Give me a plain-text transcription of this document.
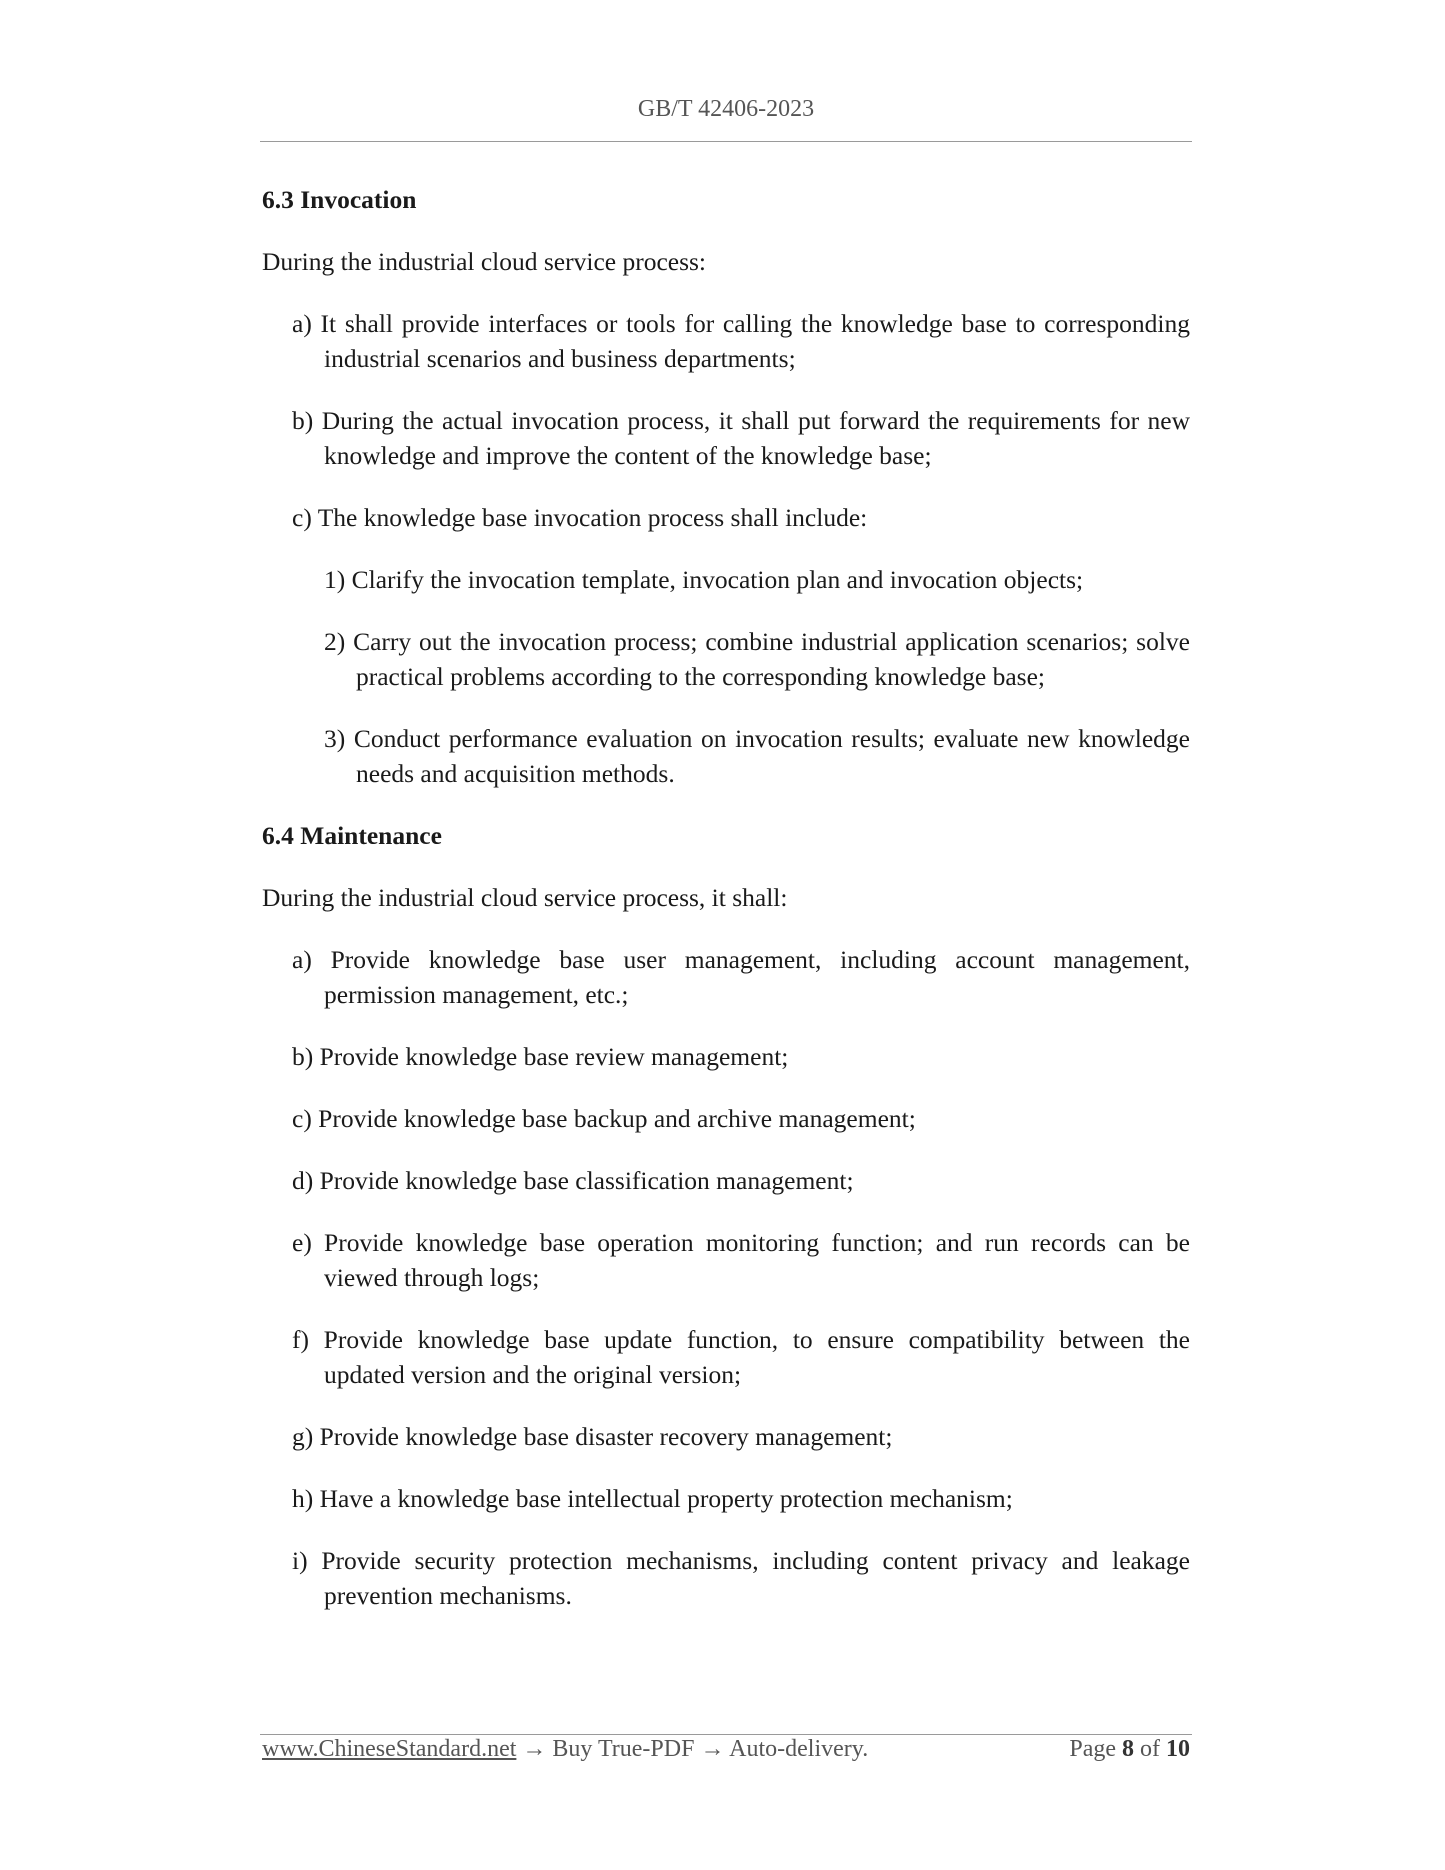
GB/T 42406-2023
6.3 Invocation
During the industrial cloud service process:
a) It shall provide interfaces or tools for calling the knowledge base to corresponding industrial scenarios and business departments;
b) During the actual invocation process, it shall put forward the requirements for new knowledge and improve the content of the knowledge base;
c) The knowledge base invocation process shall include:
1) Clarify the invocation template, invocation plan and invocation objects;
2) Carry out the invocation process; combine industrial application scenarios; solve practical problems according to the corresponding knowledge base;
3) Conduct performance evaluation on invocation results; evaluate new knowledge needs and acquisition methods.
6.4 Maintenance
During the industrial cloud service process, it shall:
a) Provide knowledge base user management, including account management, permission management, etc.;
b) Provide knowledge base review management;
c) Provide knowledge base backup and archive management;
d) Provide knowledge base classification management;
e) Provide knowledge base operation monitoring function; and run records can be viewed through logs;
f) Provide knowledge base update function, to ensure compatibility between the updated version and the original version;
g) Provide knowledge base disaster recovery management;
h) Have a knowledge base intellectual property protection mechanism;
i) Provide security protection mechanisms, including content privacy and leakage prevention mechanisms.
www.ChineseStandard.net → Buy True-PDF → Auto-delivery.	Page 8 of 10
